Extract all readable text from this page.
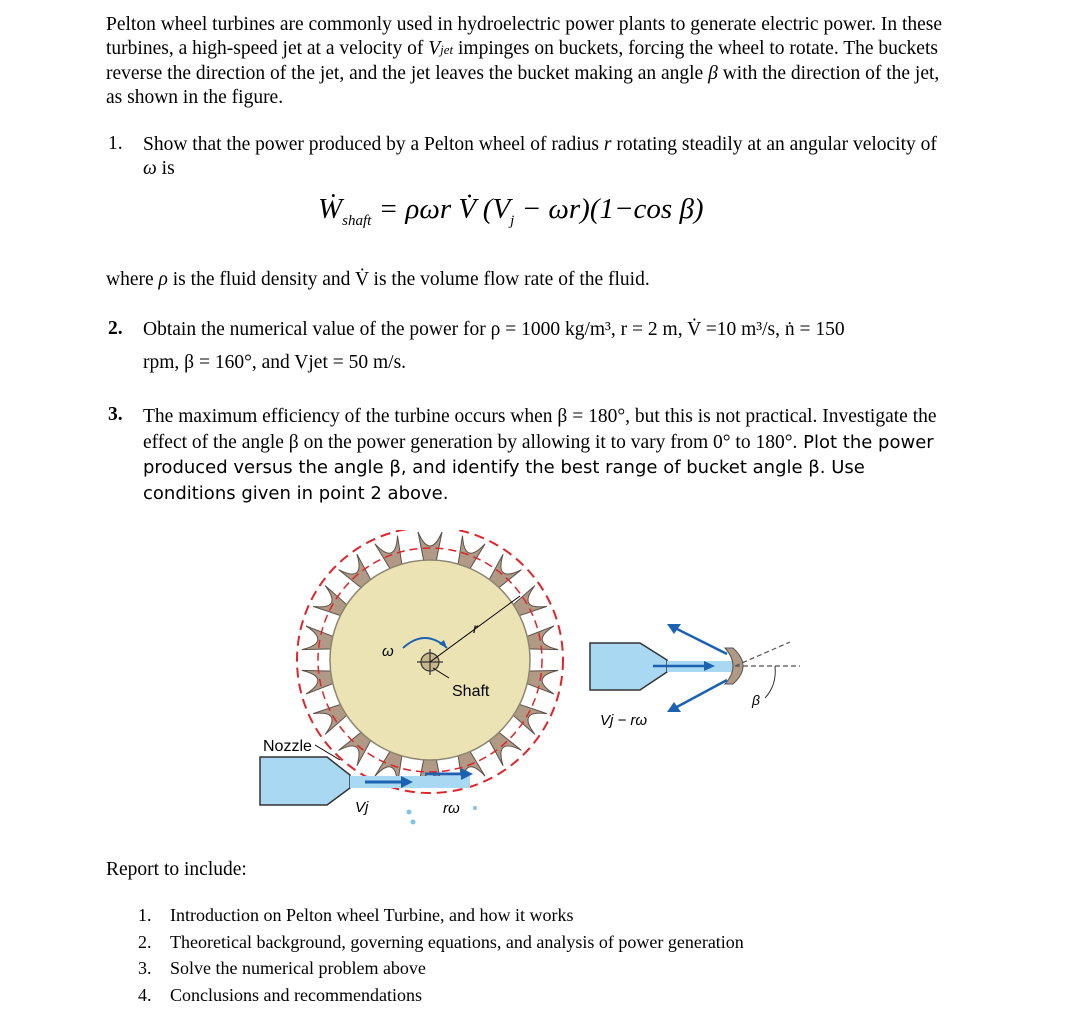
Pelton wheel turbines are commonly used in hydroelectric power plants to generate electric power. In these turbines, a high-speed jet at a velocity of Vjet impinges on buckets, forcing the wheel to rotate. The buckets reverse the direction of the jet, and the jet leaves the bucket making an angle β with the direction of the jet, as shown in the figure.

1. Show that the power produced by a Pelton wheel of radius r rotating steadily at an angular velocity of ω is

Ẇ$_{shaft}$ = ρωr V̇ $(V_j - \omega r)(1-\cos$ β)

where ρ is the fluid density and V̇ is the volume flow rate of the fluid.

2. Obtain the numerical value of the power for ρ = 1000 kg/m³, r = 2 m, V̇ =10 m³/s, ṅ = 150

rpm, β = 160°, and Vjet = 50 m/s.

3. The maximum efficiency of the turbine occurs when β = 180°, but this is not practical. Investigate the effect of the angle β on the power generation by allowing it to vary from 0° to 180°. Plot the power produced versus the angle β, and identify the best range of bucket angle β. Use conditions given in point 2 above.

ω
r
Shaft
Nozzle
Vj	rω
β
Vj − rω

Report to include:

1. Introduction on Pelton wheel Turbine, and how it works
2. Theoretical background, governing equations, and analysis of power generation
3. Solve the numerical problem above
4. Conclusions and recommendations
